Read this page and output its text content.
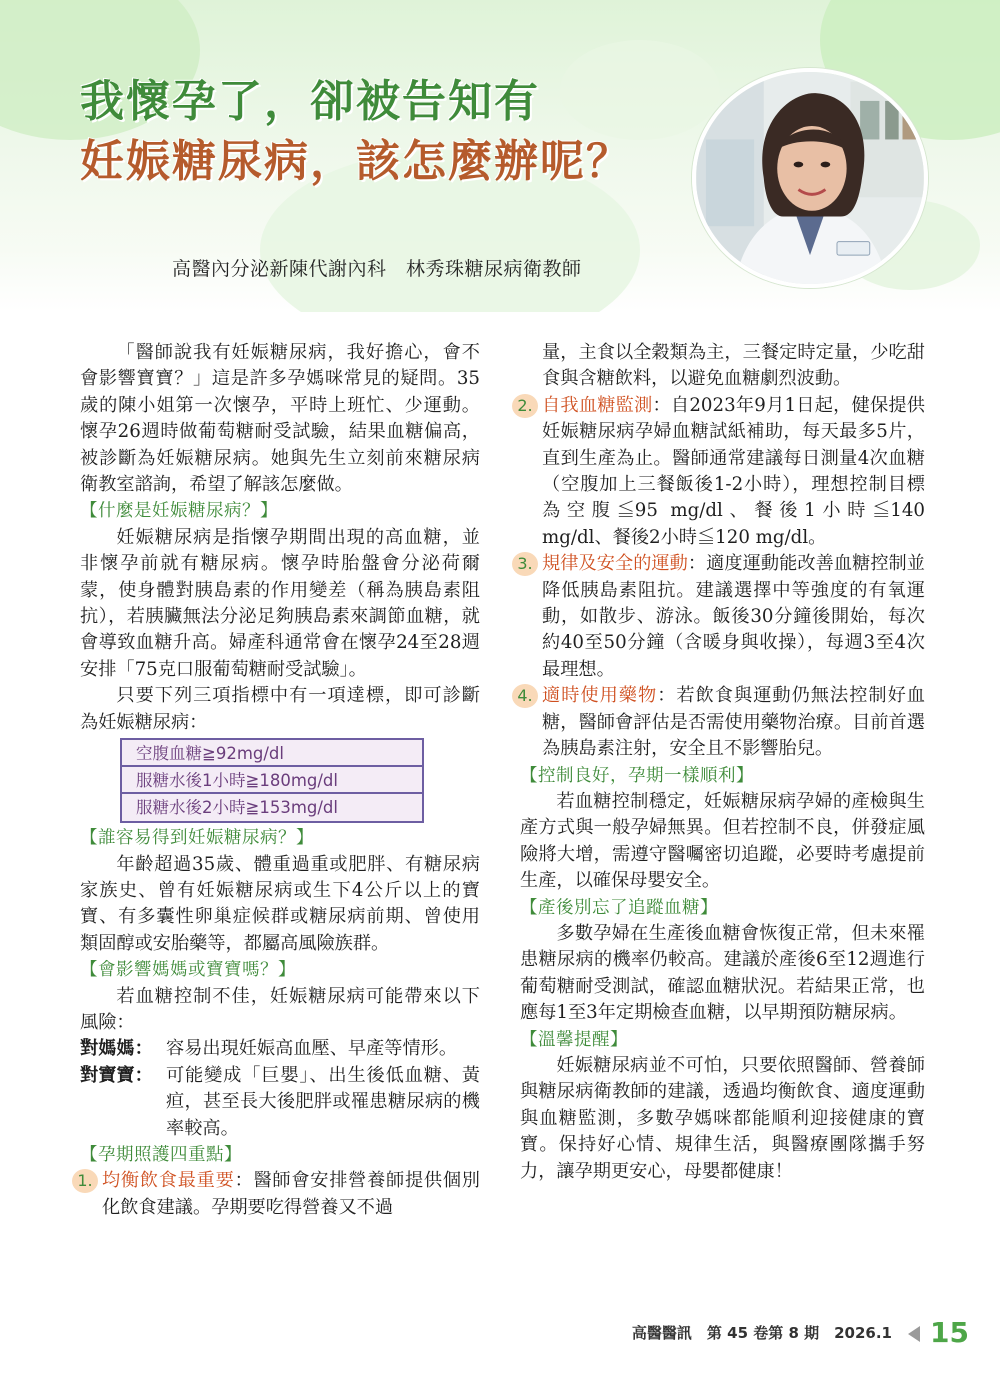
我懷孕了，卻被告知有
妊娠糖尿病，該怎麼辦呢？
高醫內分泌新陳代謝內科　林秀珠糖尿病衛教師

「醫師說我有妊娠糖尿病，我好擔心，會不會影響寶寶？」這是許多孕媽咪常見的疑問。35歲的陳小姐第一次懷孕，平時上班忙、少運動。懷孕26週時做葡萄糖耐受試驗，結果血糖偏高，被診斷為妊娠糖尿病。她與先生立刻前來糖尿病衛教室諮詢，希望了解該怎麼做。

【什麼是妊娠糖尿病？】

妊娠糖尿病是指懷孕期間出現的高血糖，並非懷孕前就有糖尿病。懷孕時胎盤會分泌荷爾蒙，使身體對胰島素的作用變差（稱為胰島素阻抗），若胰臟無法分泌足夠胰島素來調節血糖，就會導致血糖升高。婦產科通常會在懷孕24至28週安排「75克口服葡萄糖耐受試驗」。

只要下列三項指標中有一項達標，即可診斷為妊娠糖尿病：

空腹血糖≧92mg/dl
服糖水後1小時≧180mg/dl
服糖水後2小時≧153mg/dl
【誰容易得到妊娠糖尿病？】

年齡超過35歲、體重過重或肥胖、有糖尿病家族史、曾有妊娠糖尿病或生下4公斤以上的寶寶、有多囊性卵巢症候群或糖尿病前期、曾使用類固醇或安胎藥等，都屬高風險族群。

【會影響媽媽或寶寶嗎？】

若血糖控制不佳，妊娠糖尿病可能帶來以下風險：

對媽媽： 容易出現妊娠高血壓、早產等情形。
對寶寶： 可能變成「巨嬰」、出生後低血糖、黃疸，甚至長大後肥胖或罹患糖尿病的機率較高。
【孕期照護四重點】

1. 均衡飲食最重要：醫師會安排營養師提供個別化飲食建議。孕期要吃得營養又不過

量，主食以全穀類為主，三餐定時定量，少吃甜食與含糖飲料，以避免血糖劇烈波動。

2. 自我血糖監測：自2023年9月1日起，健保提供妊娠糖尿病孕婦血糖試紙補助，每天最多5片，直到生產為止。醫師通常建議每日測量4次血糖（空腹加上三餐飯後1-2小時），理想控制目標為空腹≦95 mg/dl、餐後1小時≦140 mg/dl、餐後2小時≦120 mg/dl。

3. 規律及安全的運動：適度運動能改善血糖控制並降低胰島素阻抗。建議選擇中等強度的有氧運動，如散步、游泳。飯後30分鐘後開始，每次約40至50分鐘（含暖身與收操），每週3至4次最理想。

4. 適時使用藥物：若飲食與運動仍無法控制好血糖，醫師會評估是否需使用藥物治療。目前首選為胰島素注射，安全且不影響胎兒。

【控制良好，孕期一樣順利】

若血糖控制穩定，妊娠糖尿病孕婦的產檢與生產方式與一般孕婦無異。但若控制不良，併發症風險將大增，需遵守醫囑密切追蹤，必要時考慮提前生產，以確保母嬰安全。

【產後別忘了追蹤血糖】

多數孕婦在生產後血糖會恢復正常，但未來罹患糖尿病的機率仍較高。建議於產後6至12週進行葡萄糖耐受測試，確認血糖狀況。若結果正常，也應每1至3年定期檢查血糖，以早期預防糖尿病。

【溫馨提醒】

妊娠糖尿病並不可怕，只要依照醫師、營養師與糖尿病衛教師的建議，透過均衡飲食、適度運動與血糖監測，多數孕媽咪都能順利迎接健康的寶寶。保持好心情、規律生活，與醫療團隊攜手努力，讓孕期更安心，母嬰都健康！

高醫醫訊　第 45 卷第 8 期　2026.1 15
